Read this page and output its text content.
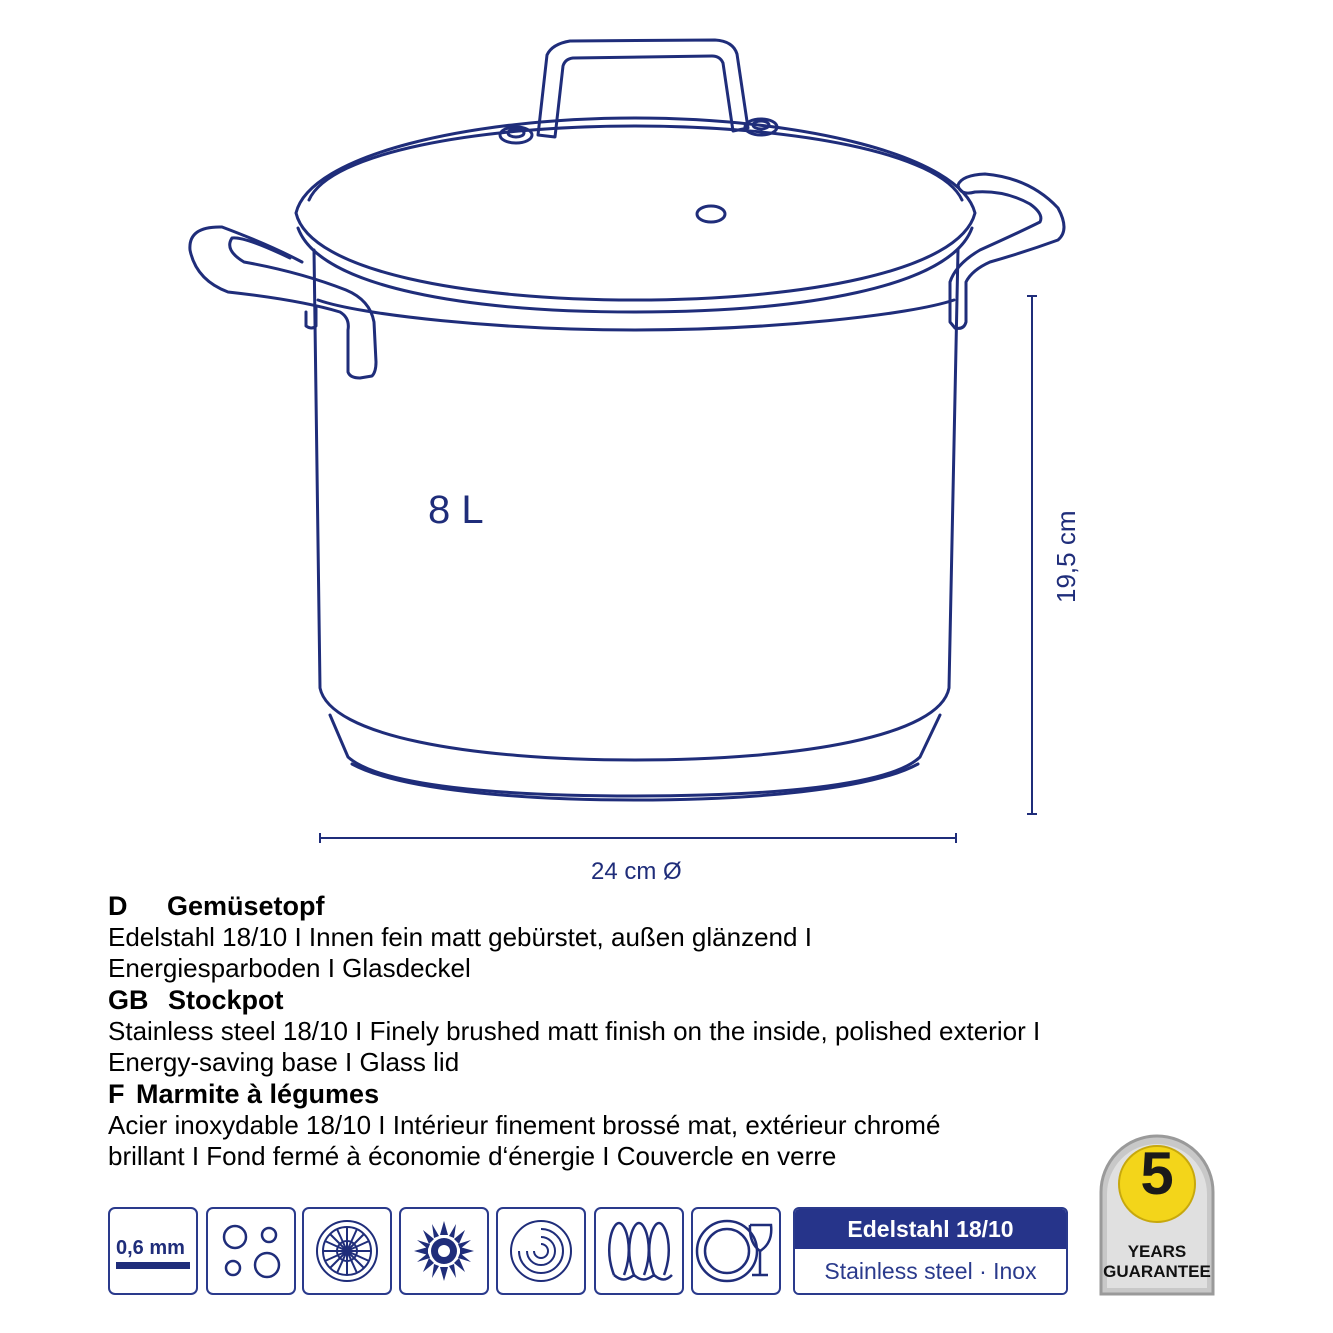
8 L
19,5 cm
24 cm Ø
D Gemüsetopf
Edelstahl 18/10 I Innen fein matt gebürstet, außen glänzend I
Energiesparboden I Glasdeckel
GB Stockpot
Stainless steel 18/10 I Finely brushed matt finish on the inside, polished exterior I
Energy-saving base I Glass lid
F Marmite à légumes
Acier inoxydable 18/10 I Intérieur finement brossé mat, extérieur chromé
brillant I Fond fermé à économie d‘énergie I Couvercle en verre
0,6 mm
Edelstahl 18/10
Stainless steel · Inox
5
YEARS
GUARANTEE
